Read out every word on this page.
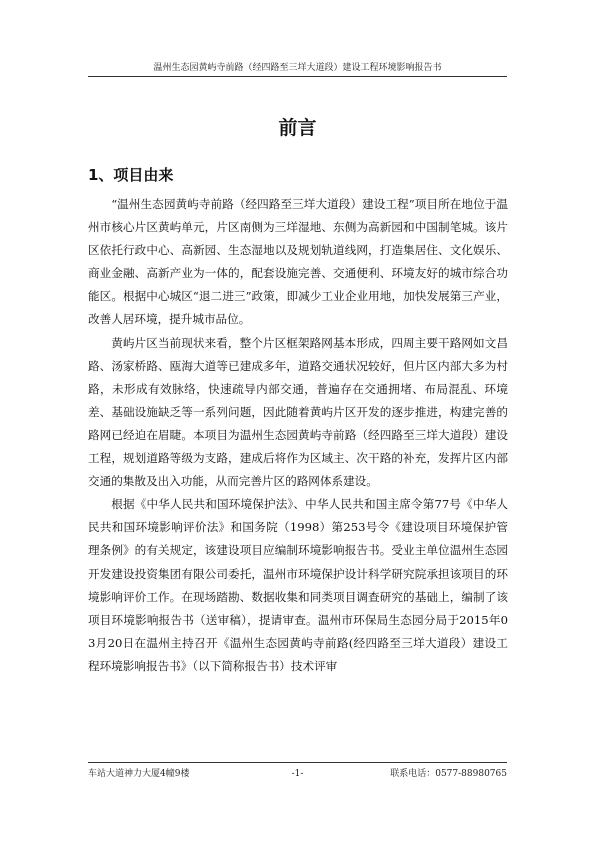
温州生态园黄屿寺前路（经四路至三垟大道段）建设工程环境影响报告书
前言
1、项目由来

“温州生态园黄屿寺前路（经四路至三垟大道段）建设工程”项目所在地位于温州市核心片区黄屿单元，片区南侧为三垟湿地、东侧为高新园和中国制笔城。该片区依托行政中心、高新园、生态湿地以及规划轨道线网，打造集居住、文化娱乐、商业金融、高新产业为一体的，配套设施完善、交通便利、环境友好的城市综合功能区。根据中心城区“退二进三”政策，即减少工业企业用地，加快发展第三产业，改善人居环境，提升城市品位。

黄屿片区当前现状来看，整个片区框架路网基本形成，四周主要干路网如文昌路、汤家桥路、瓯海大道等已建成多年，道路交通状况较好，但片区内部大多为村路，未形成有效脉络，快速疏导内部交通，普遍存在交通拥堵、布局混乱、环境差、基础设施缺乏等一系列问题，因此随着黄屿片区开发的逐步推进，构建完善的路网已经迫在眉睫。本项目为温州生态园黄屿寺前路（经四路至三垟大道段）建设工程，规划道路等级为支路，建成后将作为区域主、次干路的补充，发挥片区内部交通的集散及出入功能，从而完善片区的路网体系建设。

根据《中华人民共和国环境保护法》、中华人民共和国主席令第77号《中华人民共和国环境影响评价法》和国务院（1998）第253号令《建设项目环境保护管理条例》的有关规定，该建设项目应编制环境影响报告书。受业主单位温州生态园开发建设投资集团有限公司委托，温州市环境保护设计科学研究院承担该项目的环境影响评价工作。在现场踏勘、数据收集和同类项目调查研究的基础上，编制了该项目环境影响报告书（送审稿），提请审查。温州市环保局生态园分局于2015年03月20日在温州主持召开《温州生态园黄屿寺前路(经四路至三垟大道段）建设工程环境影响报告书》（以下简称报告书）技术评审

车站大道神力大厦4幢9楼	-1-	联系电话：0577-88980765
